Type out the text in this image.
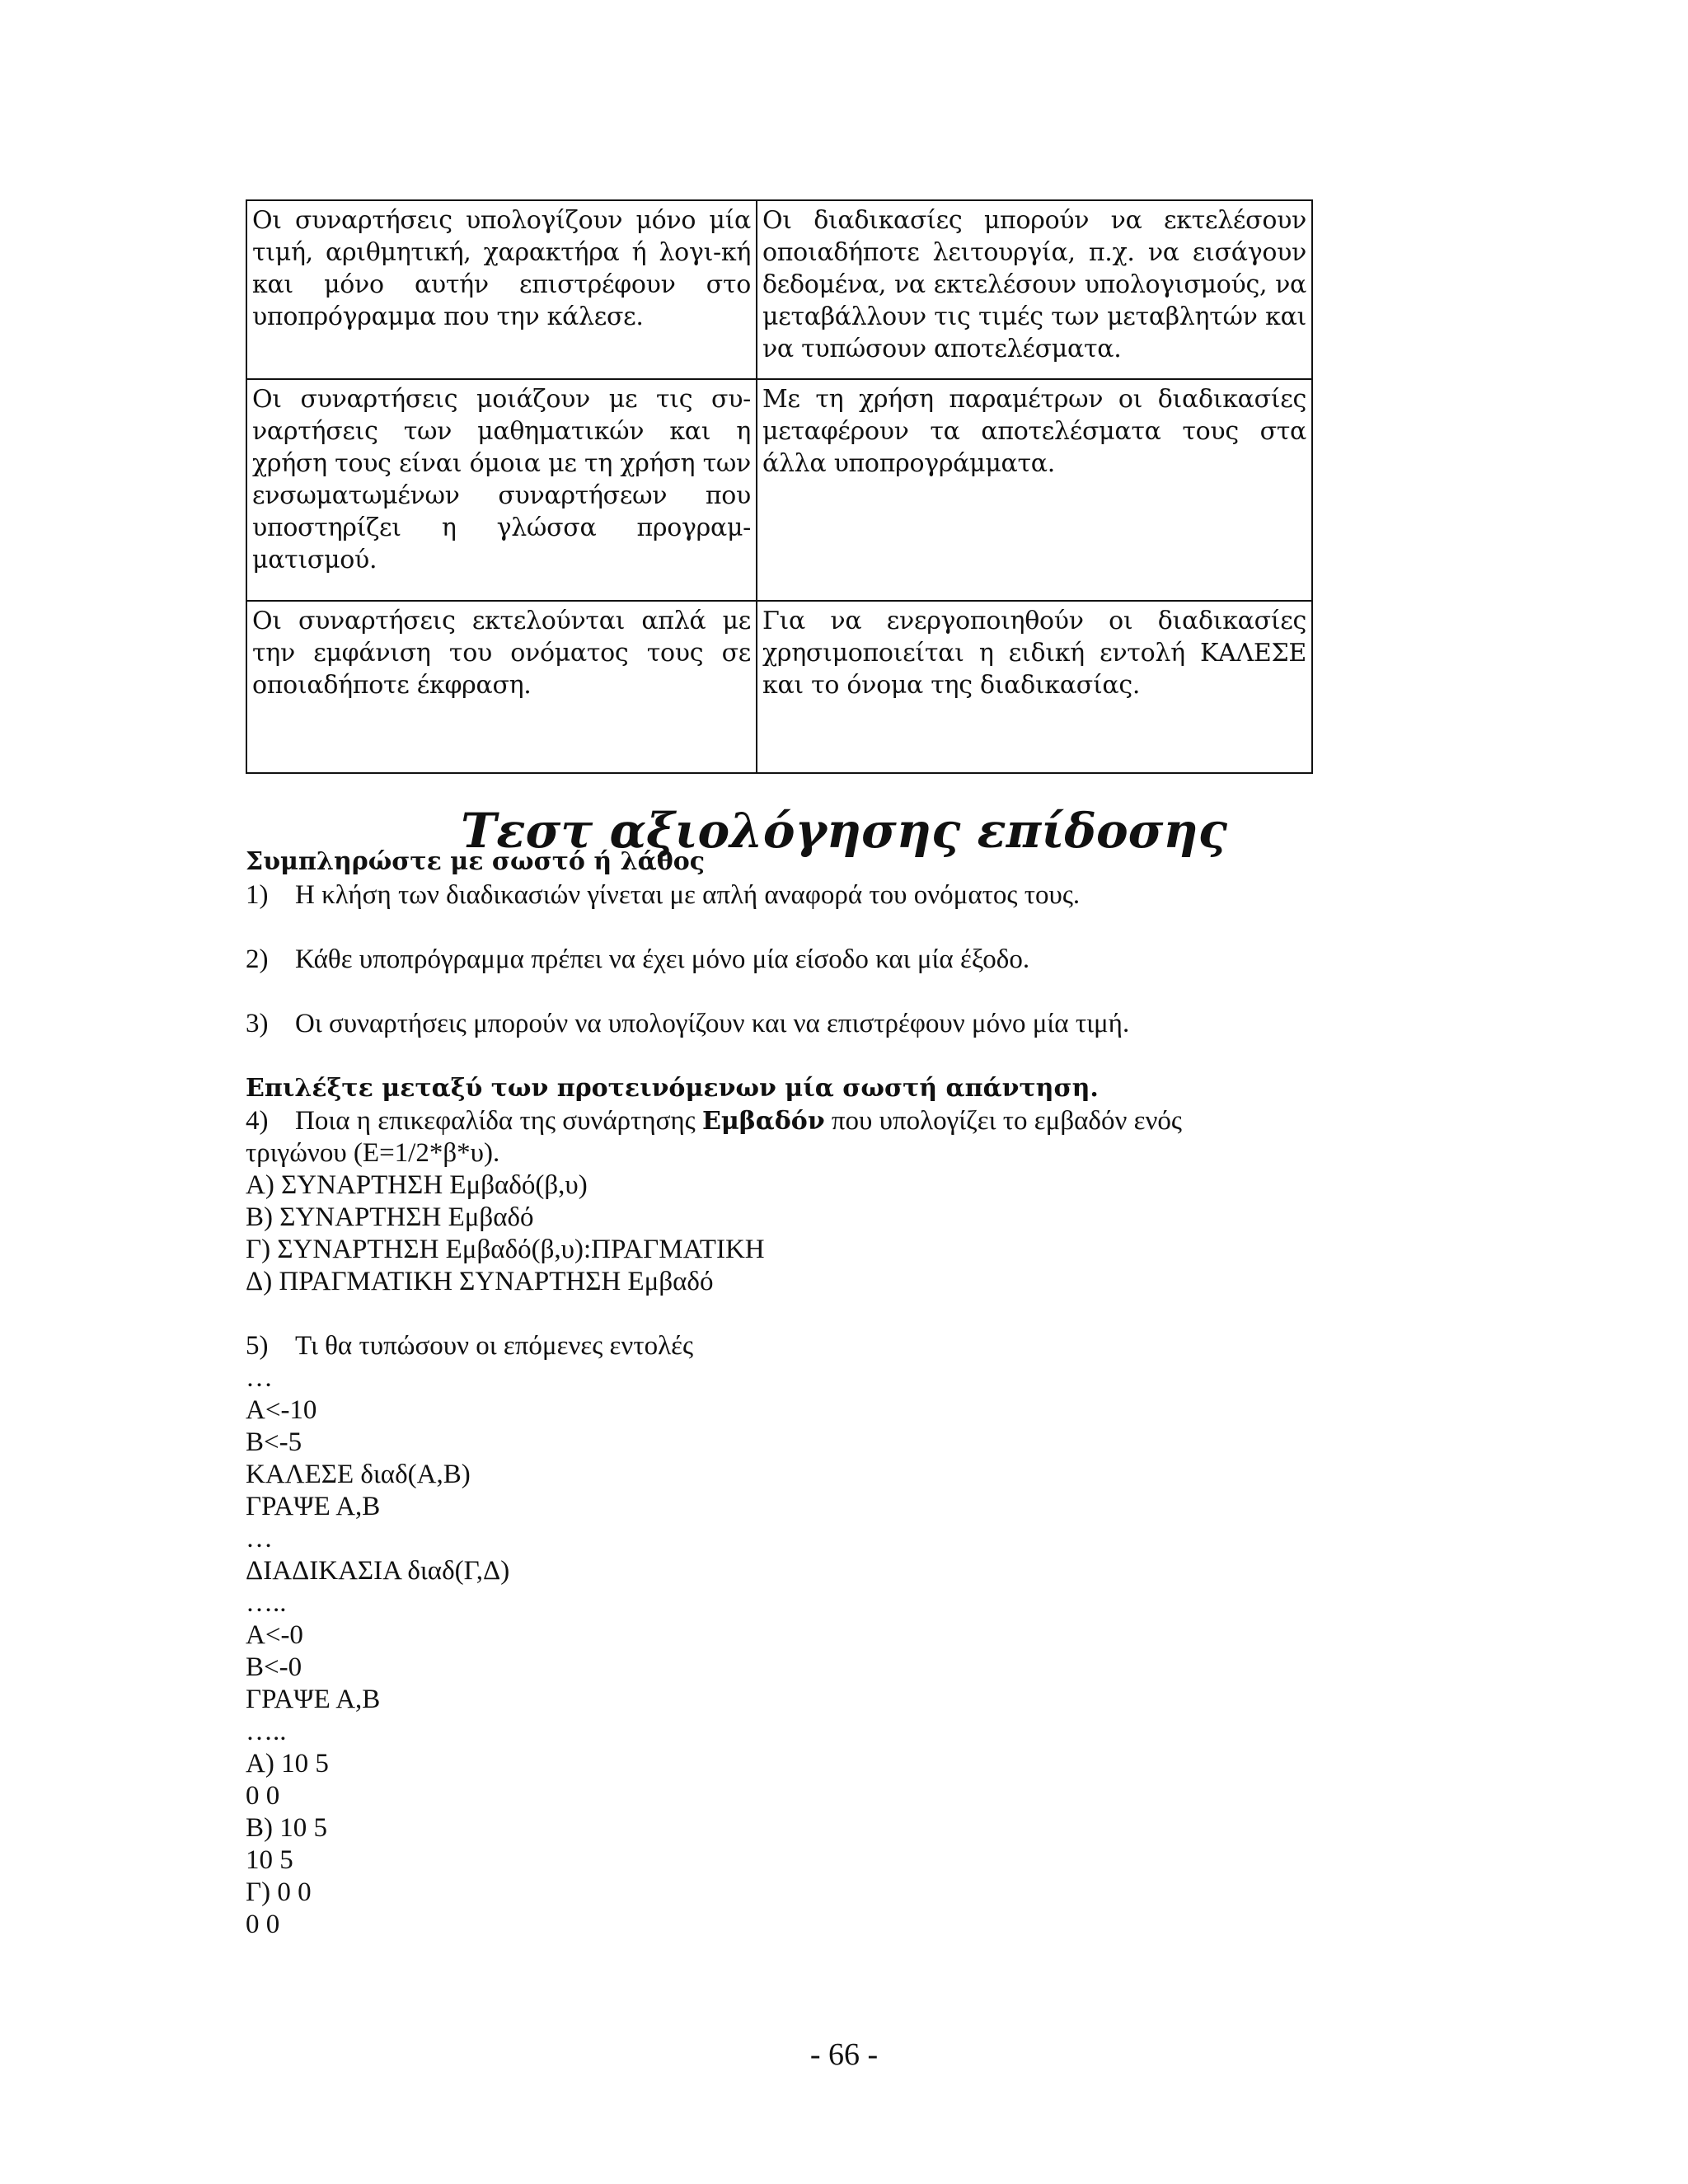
Οι συναρτήσεις υπολογίζουν μόνο μία τιμή, αριθμητική, χαρακτήρα ή λογι-κή και μόνο αυτήν επιστρέφουν στο υποπρόγραμμα που την κάλεσε.	Οι διαδικασίες μπορούν να εκτελέσουν οποιαδήποτε λειτουργία, π.χ. να εισάγουν δεδομένα, να εκτελέσουν υπολογισμούς, να μεταβάλλουν τις τιμές των μεταβλητών και να τυπώσουν αποτελέσματα.
Οι συναρτήσεις μοιάζουν με τις συ-ναρτήσεις των μαθηματικών και η χρήση τους είναι όμοια με τη χρήση των ενσωματωμένων συναρτήσεων που υποστηρίζει η γλώσσα προγραμ-ματισμού.	Με τη χρήση παραμέτρων οι διαδικασίες μεταφέρουν τα αποτελέσματα τους στα άλλα υποπρογράμματα.
Οι συναρτήσεις εκτελούνται απλά με την εμφάνιση του ονόματος τους σε οποιαδήποτε έκφραση.	Για να ενεργοποιηθούν οι διαδικασίες χρησιμοποιείται η ειδική εντολή ΚΑΛΕΣΕ και το όνομα της διαδικασίας.
Τεστ αξιολόγησης επίδοσης

Συμπληρώστε με σωστό ή λάθος

1) Η κλήση των διαδικασιών γίνεται με απλή αναφορά του ονόματος τους.

2) Κάθε υποπρόγραμμα πρέπει να έχει μόνο μία είσοδο και μία έξοδο.

3) Οι συναρτήσεις μπορούν να υπολογίζουν και να επιστρέφουν μόνο μία τιμή.

Επιλέξτε μεταξύ των προτεινόμενων μία σωστή απάντηση.

4) Ποια η επικεφαλίδα της συνάρτησης Εμβαδόν που υπολογίζει το εμβαδόν ενός

τριγώνου (Ε=1/2*β*υ).

Α) ΣΥΝΑΡΤΗΣΗ Εμβαδό(β,υ)

Β) ΣΥΝΑΡΤΗΣΗ Εμβαδό

Γ) ΣΥΝΑΡΤΗΣΗ Εμβαδό(β,υ):ΠΡΑΓΜΑΤΙΚΗ

Δ) ΠΡΑΓΜΑΤΙΚΗ ΣΥΝΑΡΤΗΣΗ Εμβαδό

5) Τι θα τυπώσουν οι επόμενες εντολές

…

Α<-10

Β<-5

ΚΑΛΕΣΕ διαδ(Α,Β)

ΓΡΑΨΕ Α,Β

…

ΔΙΑΔΙΚΑΣΙΑ διαδ(Γ,Δ)

…..

Α<-0

Β<-0

ΓΡΑΨΕ Α,Β

…..

Α) 10 5

0 0

Β) 10 5

10 5

Γ) 0 0

0 0

- 66 -
